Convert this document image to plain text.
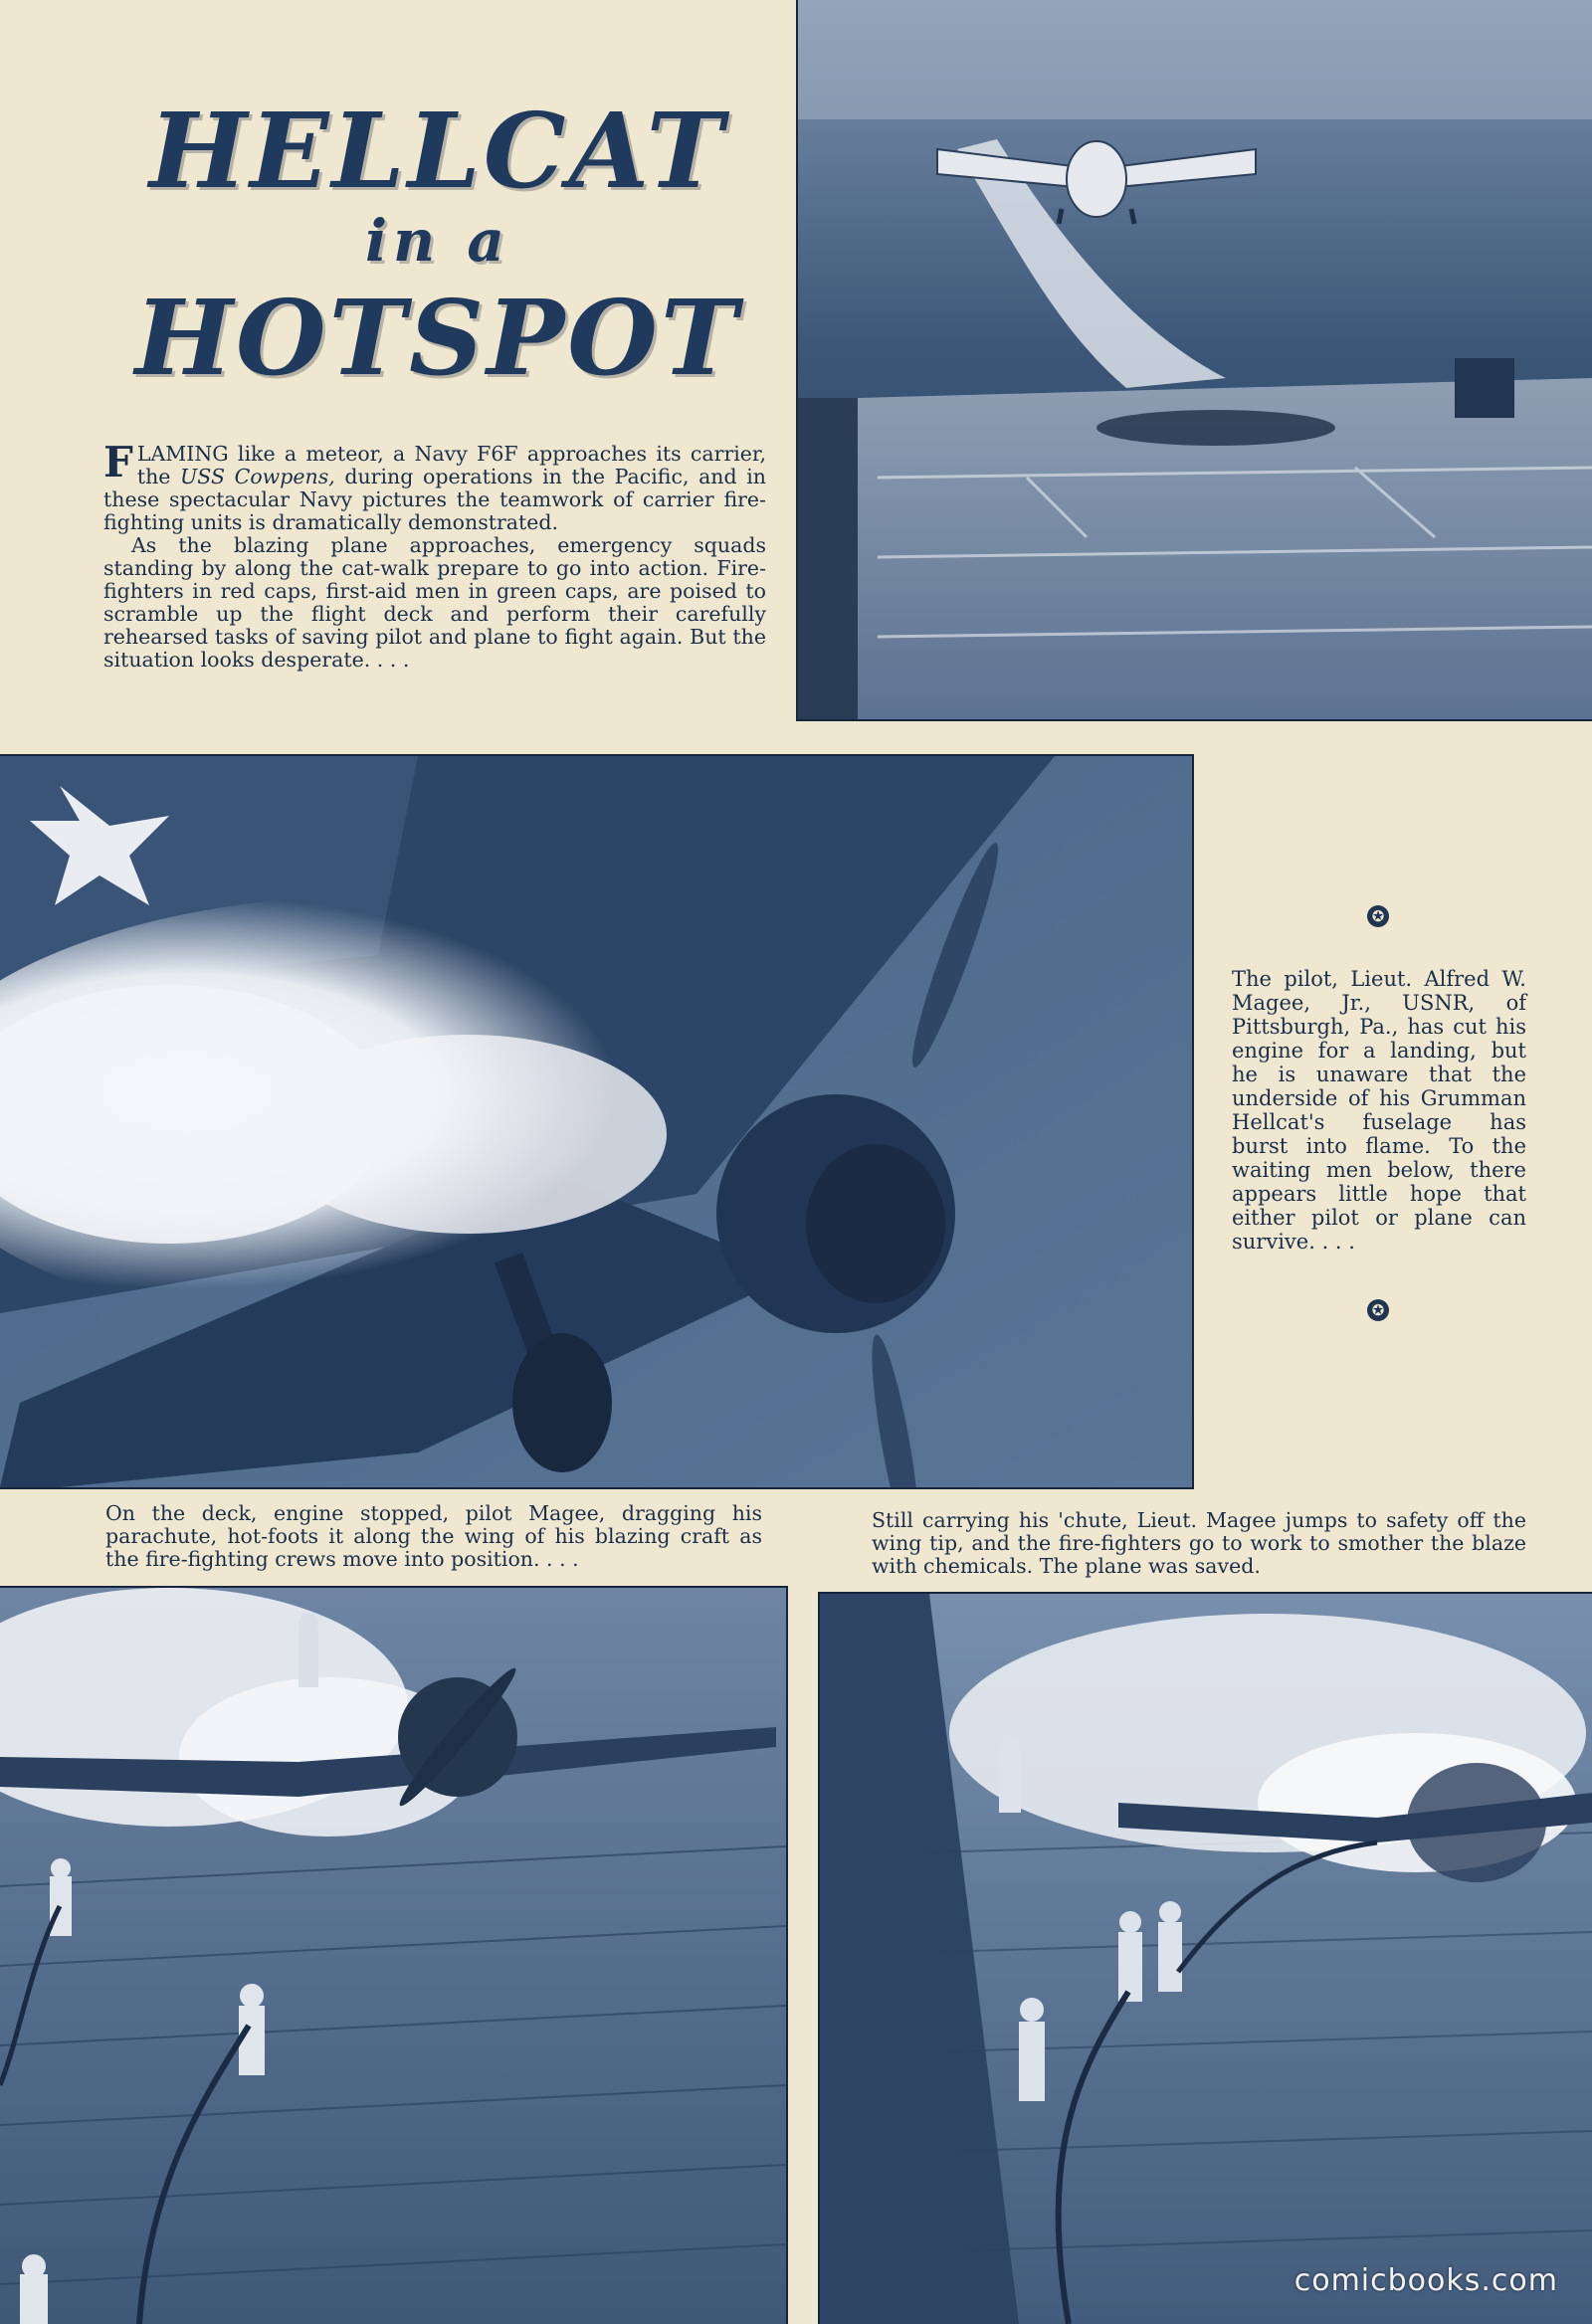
HELLCAT
in a
HOTSPOT

FLAMING like a meteor, a Navy F6F approaches its carrier, the USS Cowpens, during operations in the Pacific, and in these spectacular Navy pictures the teamwork of carrier fire-fighting units is dramatically demonstrated.

As the blazing plane approaches, emergency squads standing by along the cat-walk prepare to go into action. Fire-fighters in red caps, first-aid men in green caps, are poised to scramble up the flight deck and perform their carefully rehearsed tasks of saving pilot and plane to fight again. But the situation looks desperate. . . .

✪
The pilot, Lieut. Alfred W. Magee, Jr., USNR, of Pittsburgh, Pa., has cut his engine for a landing, but he is unaware that the underside of his Grumman Hellcat's fuselage has burst into flame. To the waiting men below, there appears little hope that either pilot or plane can survive. . . .
✪
On the deck, engine stopped, pilot Magee, dragging his parachute, hot-foots it along the wing of his blazing craft as the fire-fighting crews move into position. . . .
Still carrying his 'chute, Lieut. Magee jumps to safety off the wing tip, and the fire-fighters go to work to smother the blaze with chemicals. The plane was saved.
comicbooks.com
